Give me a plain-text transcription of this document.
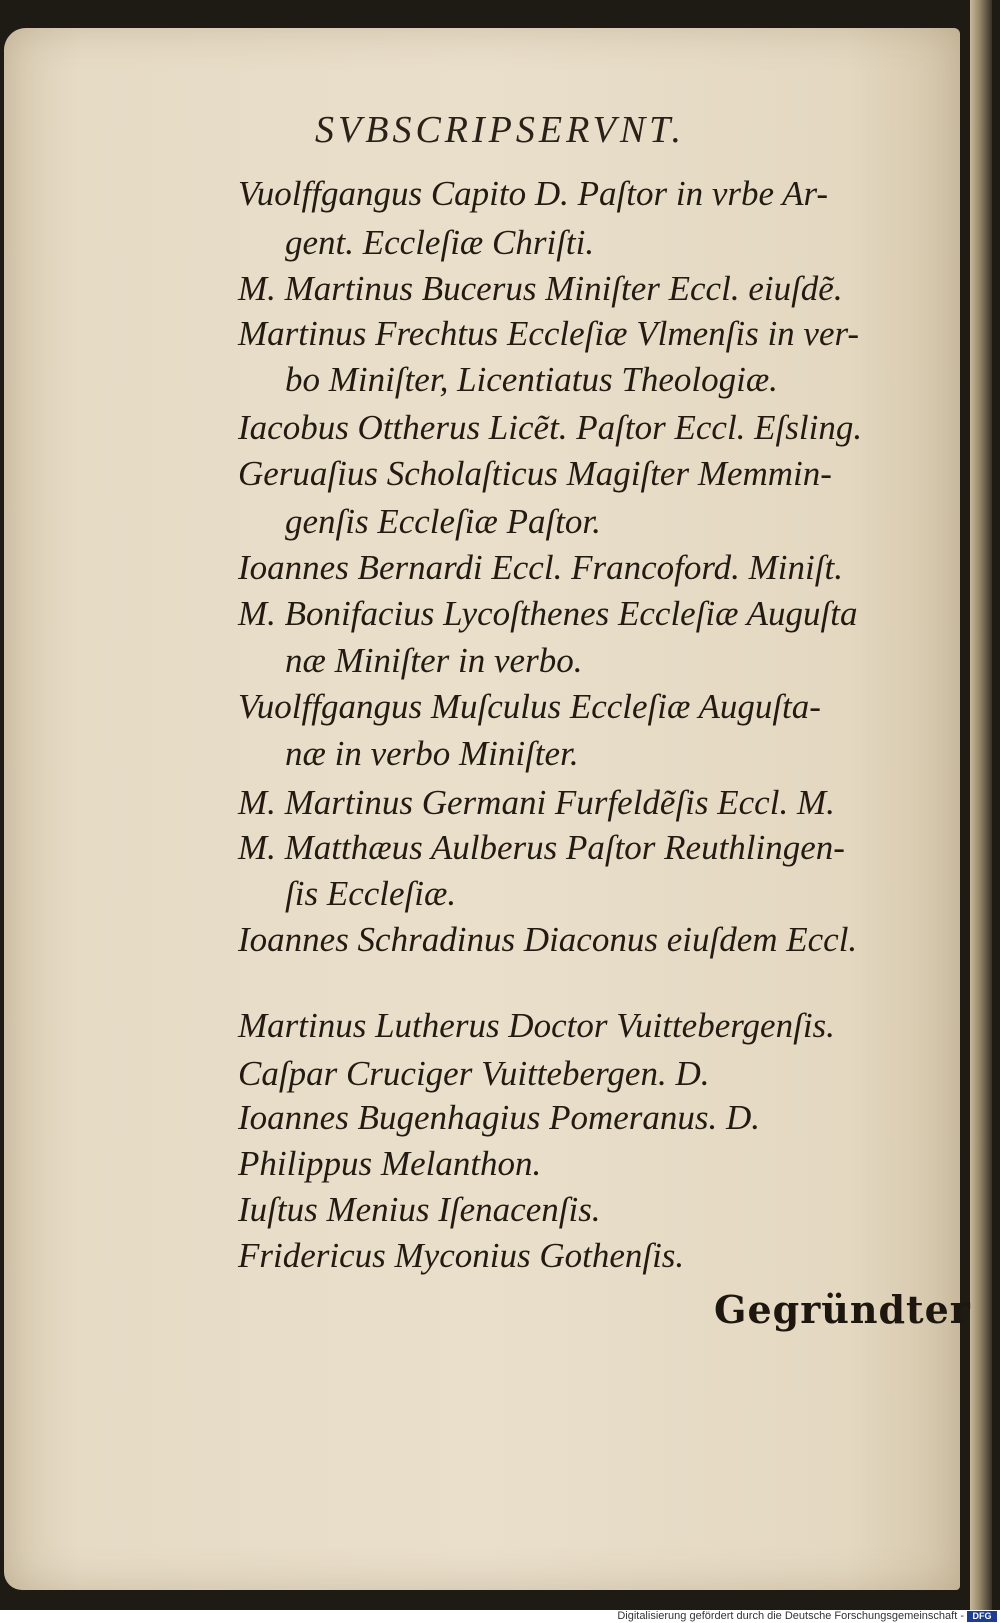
SVBSCRIPSERVNT.
Vuolffgangus Capito D. Paſtor in vrbe Ar-
gent. Eccleſiæ Chriſti.
M. Martinus Bucerus Miniſter Eccl. eiuſdẽ.
Martinus Frechtus Eccleſiæ Vlmenſis in ver-
bo Miniſter, Licentiatus Theologiæ.
Iacobus Ottherus Licẽt. Paſtor Eccl. Eſsling.
Geruaſius Scholaſticus Magiſter Memmin-
genſis Eccleſiæ Paſtor.
Ioannes Bernardi Eccl. Francoford. Miniſt.
M. Bonifacius Lycoſthenes Eccleſiæ Auguſta
næ Miniſter in verbo.
Vuolffgangus Muſculus Eccleſiæ Auguſta-
næ in verbo Miniſter.
M. Martinus Germani Furfeldẽſis Eccl. M.
M. Matthæus Aulberus Paſtor Reuthlingen-
ſis Eccleſiæ.
Ioannes Schradinus Diaconus eiuſdem Eccl.
Martinus Lutherus Doctor Vuittebergenſis.
Caſpar Cruciger Vuittebergen. D.
Ioannes Bugenhagius Pomeranus. D.
Philippus Melanthon.
Iuſtus Menius Iſenacenſis.
Fridericus Myconius Gothenſis.
Gegründter
Digitalisierung gefördert durch die Deutsche Forschungsgemeinschaft - DFG
